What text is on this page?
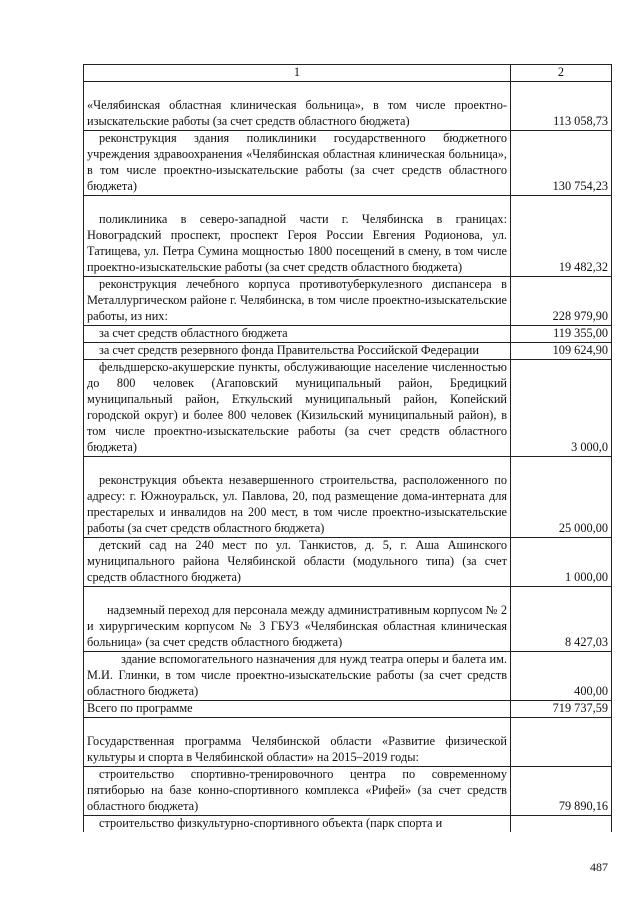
1	2
«Челябинская областная клиническая больница», в том числе проектно-изыскательские работы (за счет средств областного бюджета)	113 058,73
реконструкция здания поликлиники государственного бюджетного учреждения здравоохранения «Челябинская областная клиническая больница», в том числе проектно-изыскательские работы (за счет средств областного бюджета)	130 754,23
поликлиника в северо-западной части г. Челябинска в границах: Новоградский проспект, проспект Героя России Евгения Родионова, ул. Татищева, ул. Петра Сумина мощностью 1800 посещений в смену, в том числе проектно-изыскательские работы (за счет средств областного бюджета)	19 482,32
реконструкция лечебного корпуса противотуберкулезного диспансера в Металлургическом районе г. Челябинска, в том числе проектно-изыскательские работы, из них:	228 979,90
за счет средств областного бюджета	119 355,00
за счет средств резервного фонда Правительства Российской Федерации	109 624,90
фельдшерско-акушерские пункты, обслуживающие население численностью до 800 человек (Агаповский муниципальный район, Бредицкий муниципальный район, Еткульский муниципальный район, Копейский городской округ) и более 800 человек (Кизильский муниципальный район), в том числе проектно-изыскательские работы (за счет средств областного бюджета)	3 000,0
реконструкция объекта незавершенного строительства, расположенного по адресу: г. Южноуральск, ул. Павлова, 20, под размещение дома-интерната для престарелых и инвалидов на 200 мест, в том числе проектно-изыскательские работы (за счет средств областного бюджета)	25 000,00
детский сад на 240 мест по ул. Танкистов, д. 5, г. Аша Ашинского муниципального района Челябинской области (модульного типа) (за счет средств областного бюджета)	1 000,00
надземный переход для персонала между административным корпусом № 2 и хирургическим корпусом № 3 ГБУЗ «Челябинская областная клиническая больница» (за счет средств областного бюджета)	8 427,03
здание вспомогательного назначения для нужд театра оперы и балета им. М.И. Глинки, в том числе проектно-изыскательские работы (за счет средств областного бюджета)	400,00
Всего по программе	719 737,59
Государственная программа Челябинской области «Развитие физической культуры и спорта в Челябинской области» на 2015–2019 годы:	
строительство спортивно-тренировочного центра по современному пятиборью на базе конно-спортивного комплекса «Рифей» (за счет средств областного бюджета)	79 890,16
строительство физкультурно-спортивного объекта (парк спорта и	
487
